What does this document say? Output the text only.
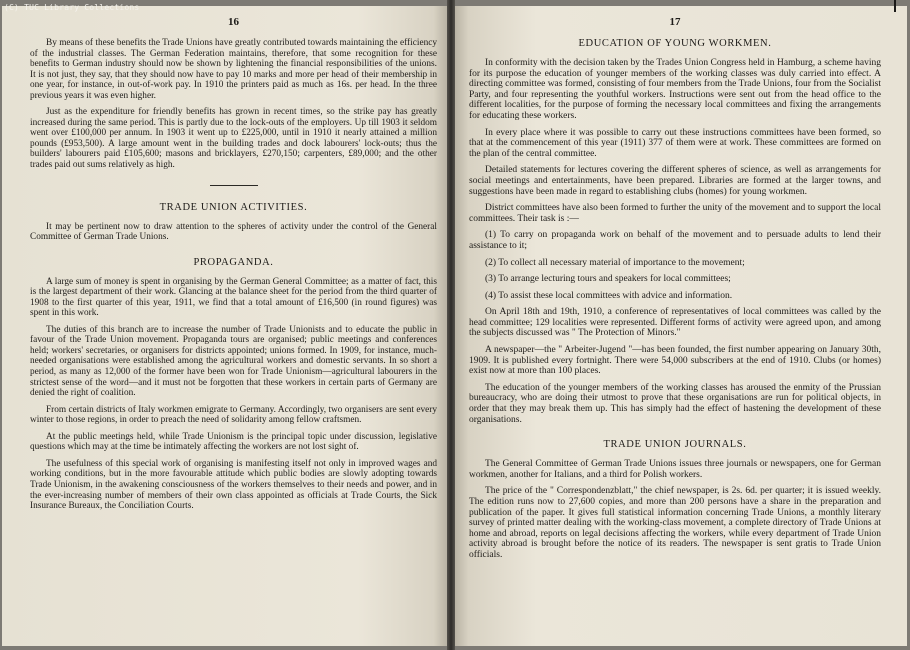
(C) TUC Library Collections
16

By means of these benefits the Trade Unions have greatly contributed towards maintaining the efficiency of the industrial classes. The German Federation maintains, therefore, that some recognition for these benefits to German industry should now be shown by lightening the financial responsibilities of the unions. It is not just, they say, that they should now have to pay 10 marks and more per head of their membership in one year, for instance, in out-of-work pay. In 1910 the printers paid as much as 16s. per head. In the three previous years it was even higher.

Just as the expenditure for friendly benefits has grown in recent times, so the strike pay has greatly increased during the same period. This is partly due to the lock-outs of the employers. Up till 1903 it seldom went over £100,000 per annum. In 1903 it went up to £225,000, until in 1910 it nearly attained a million pounds (£953,500). A large amount went in the building trades and dock labourers' lock-outs; thus the builders' labourers paid £105,600; masons and bricklayers, £270,150; carpenters, £89,000; and the other trades paid out sums relatively as high.

TRADE UNION ACTIVITIES.

It may be pertinent now to draw attention to the spheres of activity under the control of the General Committee of German Trade Unions.

PROPAGANDA.

A large sum of money is spent in organising by the German General Committee; as a matter of fact, this is the largest department of their work. Glancing at the balance sheet for the period from the third quarter of 1908 to the first quarter of this year, 1911, we find that a total amount of £16,500 (in round figures) was spent in this work.

The duties of this branch are to increase the number of Trade Unionists and to educate the public in favour of the Trade Union movement. Propaganda tours are organised; public meetings and conferences held; workers' secretaries, or organisers for districts appointed; unions formed. In 1909, for instance, much-needed organisations were established among the agricultural workers and domestic servants. In so short a period, as many as 12,000 of the former have been won for Trade Unionism—agricultural labourers in the strictest sense of the word—and it must not be forgotten that these workers in certain parts of Germany are denied the right of coalition.

From certain districts of Italy workmen emigrate to Germany. Accordingly, two organisers are sent every winter to those regions, in order to preach the need of solidarity among fellow craftsmen.

At the public meetings held, while Trade Unionism is the principal topic under discussion, legislative questions which may at the time be intimately affecting the workers are not lost sight of.

The usefulness of this special work of organising is manifesting itself not only in improved wages and working conditions, but in the more favourable attitude which public bodies are slowly adopting towards Trade Unionism, in the awakening consciousness of the workers themselves to their needs and power, and in the ever-increasing number of members of their own class appointed as officials at Trade Courts, the Sick Insurance Bureaux, the Conciliation Courts.

17
EDUCATION OF YOUNG WORKMEN.

In conformity with the decision taken by the Trades Union Congress held in Hamburg, a scheme having for its purpose the education of younger members of the working classes was duly carried into effect. A directing committee was formed, consisting of four members from the Trade Unions, four from the Socialist Party, and four representing the youthful workers. Instructions were sent out from the head office to the different localities, for the purpose of forming the necessary local committees and fixing the arrangements for educating these workers.

In every place where it was possible to carry out these instructions committees have been formed, so that at the commencement of this year (1911) 377 of them were at work. These committees are formed on the plan of the central committee.

Detailed statements for lectures covering the different spheres of science, as well as arrangements for social meetings and entertainments, have been prepared. Libraries are formed at the larger towns, and suggestions have been made in regard to establishing clubs (homes) for young workmen.

District committees have also been formed to further the unity of the movement and to support the local committees. Their task is :—

(1) To carry on propaganda work on behalf of the movement and to persuade adults to lend their assistance to it;

(2) To collect all necessary material of importance to the movement;

(3) To arrange lecturing tours and speakers for local committees;

(4) To assist these local committees with advice and information.

On April 18th and 19th, 1910, a conference of representatives of local committees was called by the head committee; 129 localities were represented. Different forms of activity were agreed upon, and among the subjects discussed was " The Protection of Minors."

A newspaper—the " Arbeiter-Jugend "—has been founded, the first number appearing on January 30th, 1909. It is published every fortnight. There were 54,000 subscribers at the end of 1910. Clubs (or homes) exist now at more than 100 places.

The education of the younger members of the working classes has aroused the enmity of the Prussian bureaucracy, who are doing their utmost to prove that these organisations are run for political objects, in order that they may break them up. This has simply had the effect of hastening the development of these organisations.

TRADE UNION JOURNALS.

The General Committee of German Trade Unions issues three journals or newspapers, one for German workmen, another for Italians, and a third for Polish workers.

The price of the " Correspondenzblatt," the chief newspaper, is 2s. 6d. per quarter; it is issued weekly. The edition runs now to 27,600 copies, and more than 200 persons have a share in the preparation and publication of the paper. It gives full statistical information concerning Trade Unions, a monthly literary survey of printed matter dealing with the working-class movement, a complete directory of Trade Unions at home and abroad, reports on legal decisions affecting the workers, while every department of Trade Union activity abroad is brought before the notice of its readers. The newspaper is sent gratis to Trade Union officials.
